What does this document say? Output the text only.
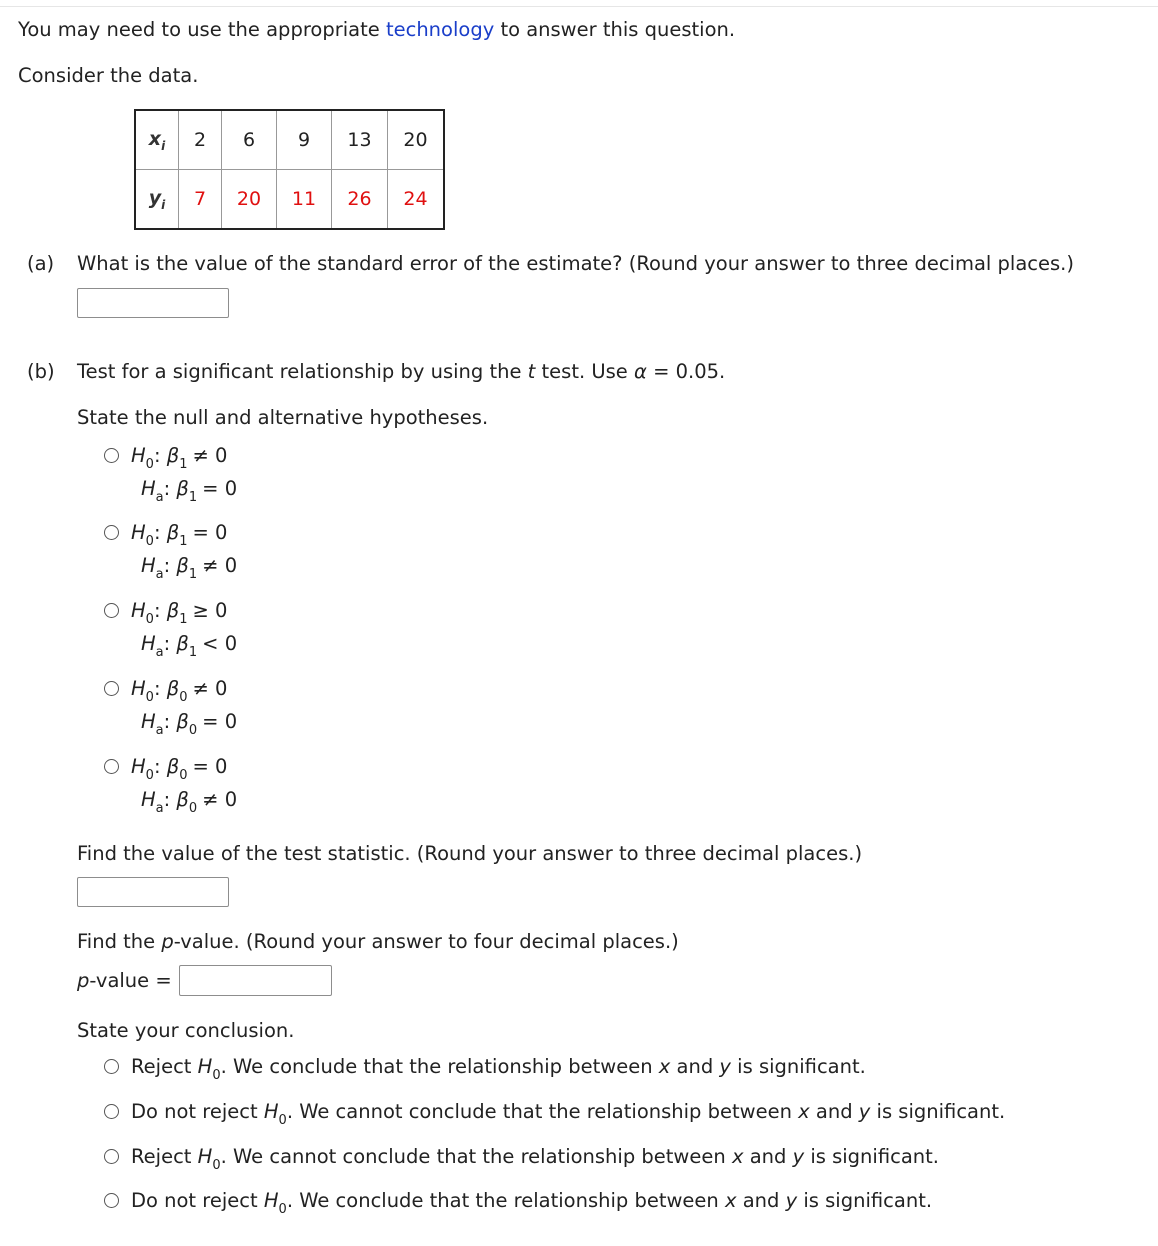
You may need to use the appropriate technology to answer this question.
Consider the data.
$x_i$	2	6	9	13	20
$y_i$	7	20	11	26	24
(a) What is the value of the standard error of the estimate? (Round your answer to three decimal places.)
(b) Test for a significant relationship by using the t test. Use α = 0.05.
State the null and alternative hypotheses.
$H_0$: $\beta_1 \ne 0$
$H_a$: $\beta_1 = 0$
$H_0$: $\beta_1 = 0$
$H_a$: $\beta_1 \ne 0$
$H_0$: $\beta_1 \ge 0$
$H_a$: $\beta_1 < 0$
$H_0$: $\beta_0 \ne 0$
$H_a$: $\beta_0 = 0$
$H_0$: $\beta_0 = 0$
$H_a$: $\beta_0 \ne 0$
Find the value of the test statistic. (Round your answer to three decimal places.)
Find the p-value. (Round your answer to four decimal places.)
p-value =
State your conclusion.
Reject $H_0$. We conclude that the relationship between x and y is significant.
Do not reject $H_0$. We cannot conclude that the relationship between x and y is significant.
Reject $H_0$. We cannot conclude that the relationship between x and y is significant.
Do not reject $H_0$. We conclude that the relationship between x and y is significant.
